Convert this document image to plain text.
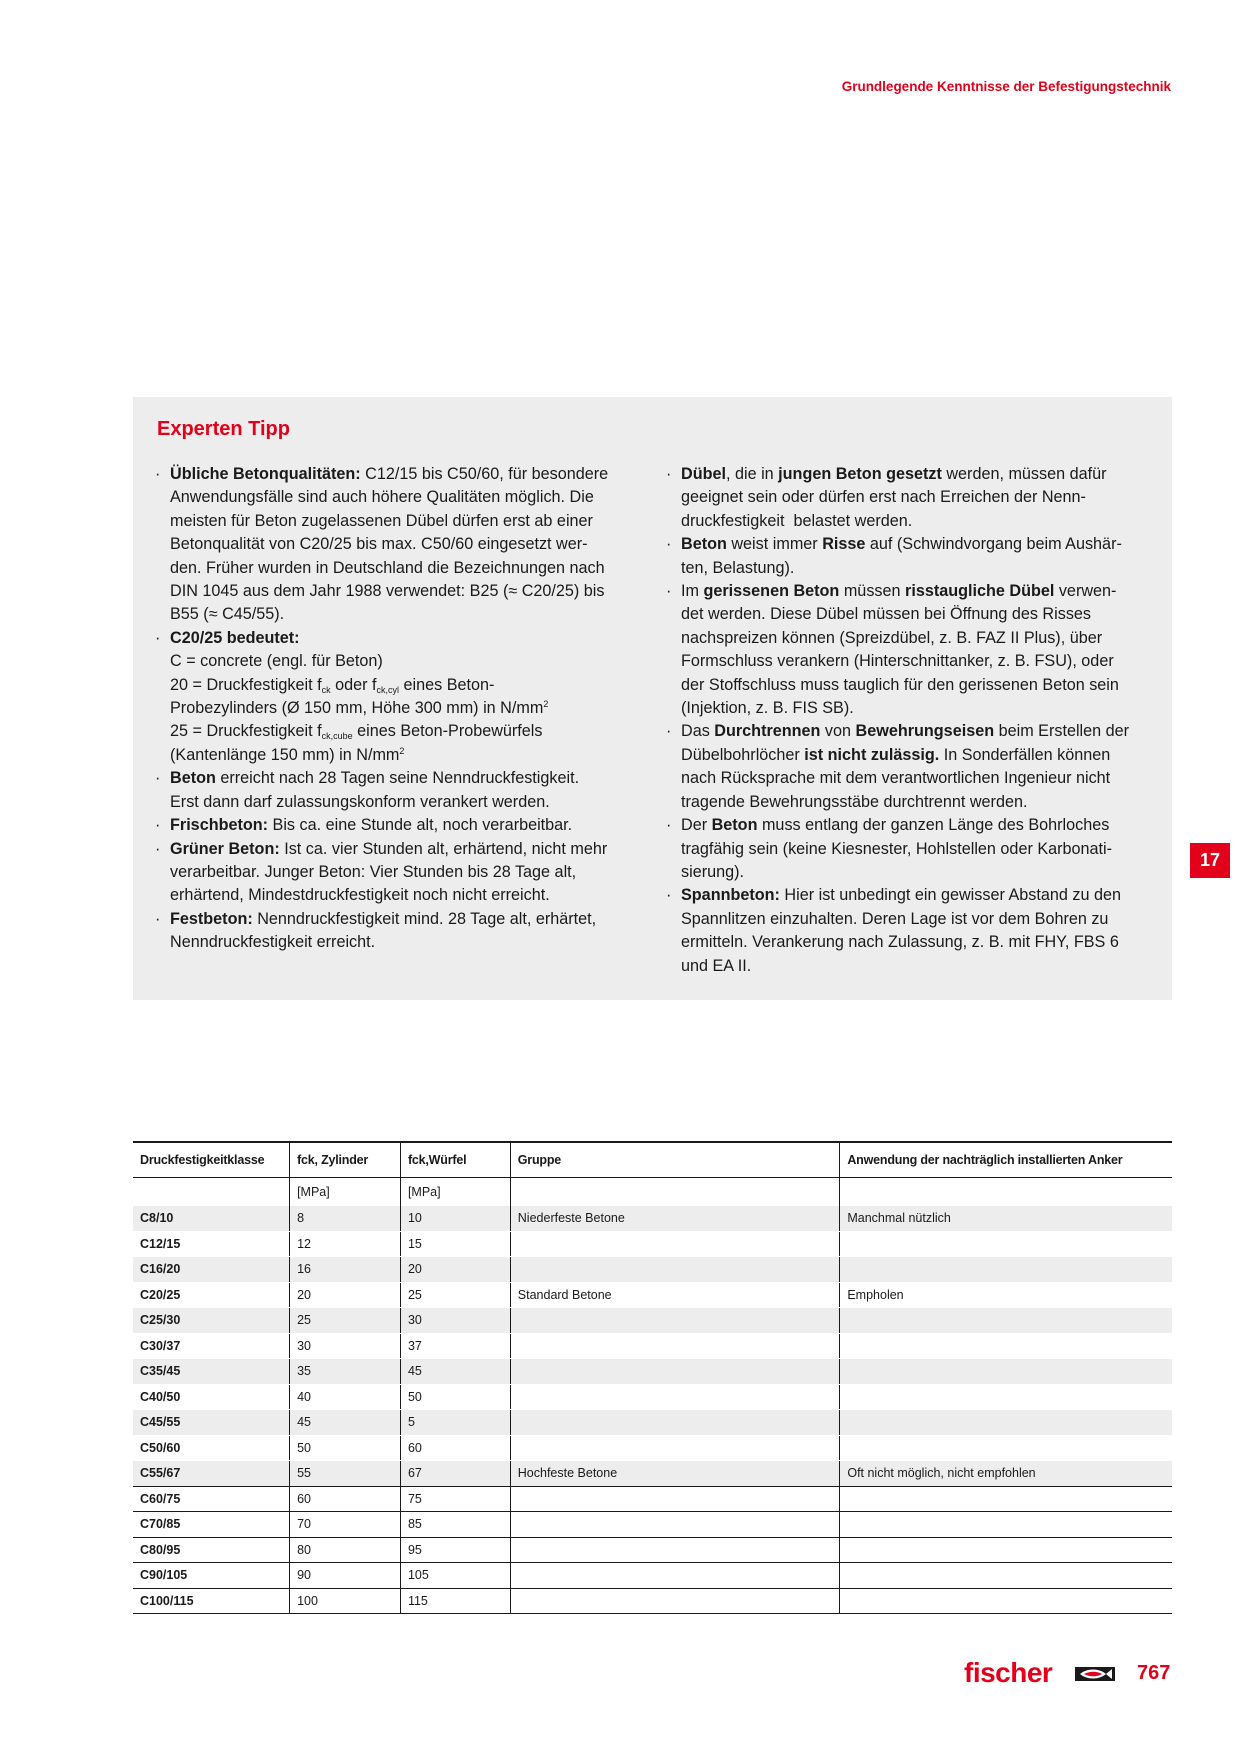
Grundlegende Kenntnisse der Befestigungstechnik
Experten Tipp
· Übliche Betonqualitäten: C12/15 bis C50/60, für besondere
Anwendungsfälle sind auch höhere Qualitäten möglich. Die
meisten für Beton zugelassenen Dübel dürfen erst ab einer
Betonqualität von C20/25 bis max. C50/60 eingesetzt wer-
den. Früher wurden in Deutschland die Bezeichnungen nach
DIN 1045 aus dem Jahr 1988 verwendet: B25 (≈ C20/25) bis
B55 (≈ C45/55).
· C20/25 bedeutet:
C = concrete (engl. für Beton)
20 = Druckfestigkeit $f_{ck}$ oder $f_{ck,cyl}$ eines Beton-
Probezylinders (Ø 150 mm, Höhe 300 mm) in $N/mm^2$
25 = Druckfestigkeit $f_{ck,cube}$ eines Beton-Probewürfels
(Kantenlänge 150 mm) in $N/mm^2$
· Beton erreicht nach 28 Tagen seine Nenndruckfestigkeit.
Erst dann darf zulassungskonform verankert werden.
· Frischbeton: Bis ca. eine Stunde alt, noch verarbeitbar.
· Grüner Beton: Ist ca. vier Stunden alt, erhärtend, nicht mehr
verarbeitbar. Junger Beton: Vier Stunden bis 28 Tage alt,
erhärtend, Mindestdruckfestigkeit noch nicht erreicht.
· Festbeton: Nenndruckfestigkeit mind. 28 Tage alt, erhärtet,
Nenndruckfestigkeit erreicht.
· Dübel, die in jungen Beton gesetzt werden, müssen dafür
geeignet sein oder dürfen erst nach Erreichen der Nenn-
druckfestigkeit  belastet werden.
· Beton weist immer Risse auf (Schwindvorgang beim Aushär-
ten, Belastung).
· Im gerissenen Beton müssen risstaugliche Dübel verwen-
det werden. Diese Dübel müssen bei Öffnung des Risses
nachspreizen können (Spreizdübel, z. B. FAZ II Plus), über
Formschluss verankern (Hinterschnittanker, z. B. FSU), oder
der Stoffschluss muss tauglich für den gerissenen Beton sein
(Injektion, z. B. FIS SB).
· Das Durchtrennen von Bewehrungseisen beim Erstellen der
Dübelbohrlöcher ist nicht zulässig. In Sonderfällen können
nach Rücksprache mit dem verantwortlichen Ingenieur nicht
tragende Bewehrungsstäbe durchtrennt werden.
· Der Beton muss entlang der ganzen Länge des Bohrloches
tragfähig sein (keine Kiesnester, Hohlstellen oder Karbonati-
sierung).
· Spannbeton: Hier ist unbedingt ein gewisser Abstand zu den
Spannlitzen einzuhalten. Deren Lage ist vor dem Bohren zu
ermitteln. Verankerung nach Zulassung, z. B. mit FHY, FBS 6
und EA II.
17
Druckfestigkeitklasse	fck, Zylinder	fck,Würfel	Gruppe	Anwendung der nachträglich installierten Anker
	[MPa]	[MPa]		
C8/10	8	10	Niederfeste Betone	Manchmal nützlich
C12/15	12	15		
C16/20	16	20		
C20/25	20	25	Standard Betone	Empholen
C25/30	25	30		
C30/37	30	37		
C35/45	35	45		
C40/50	40	50		
C45/55	45	5		
C50/60	50	60		
C55/67	55	67	Hochfeste Betone	Oft nicht möglich, nicht empfohlen
C60/75	60	75		
C70/85	70	85		
C80/95	80	95		
C90/105	90	105		
C100/115	100	115		
fischer	767
